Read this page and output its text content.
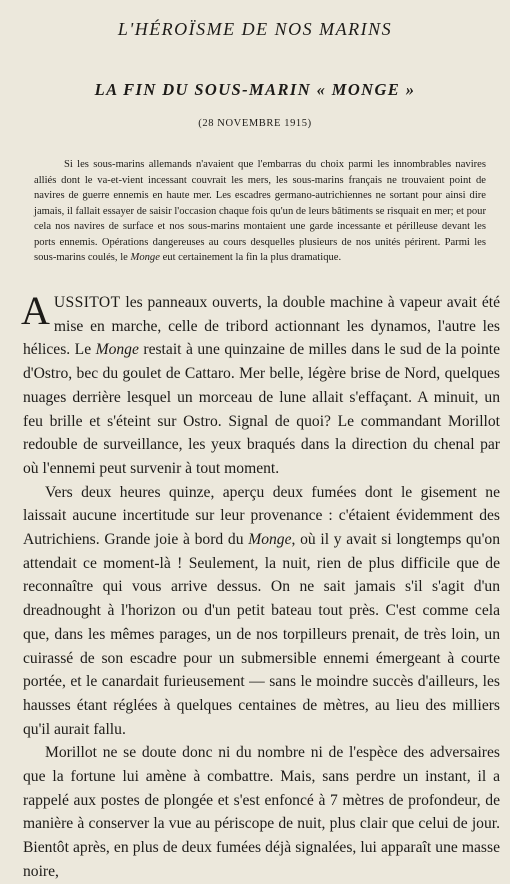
L'HÉROÏSME DE NOS MARINS
LA FIN DU SOUS-MARIN « MONGE »
(28 NOVEMBRE 1915)

Si les sous-marins allemands n'avaient que l'embarras du choix parmi les innombrables navires alliés dont le va-et-vient incessant couvrait les mers, les sous-marins français ne trouvaient point de navires de guerre ennemis en haute mer. Les escadres germano-autrichiennes ne sortant pour ainsi dire jamais, il fallait essayer de saisir l'occasion chaque fois qu'un de leurs bâtiments se risquait en mer; et pour cela nos navires de surface et nos sous-marins montaient une garde incessante et périlleuse devant les ports ennemis. Opérations dangereuses au cours desquelles plusieurs de nos unités périrent. Parmi les sous-marins coulés, le Monge eut certainement la fin la plus dramatique.

AUSSITOT les panneaux ouverts, la double machine à vapeur avait été mise en marche, celle de tribord actionnant les dynamos, l'autre les hélices. Le Monge restait à une quinzaine de milles dans le sud de la pointe d'Ostro, bec du goulet de Cattaro. Mer belle, légère brise de Nord, quelques nuages derrière lesquel un morceau de lune allait s'effaçant. A minuit, un feu brille et s'éteint sur Ostro. Signal de quoi? Le commandant Morillot redouble de surveillance, les yeux braqués dans la direction du chenal par où l'ennemi peut survenir à tout moment.

Vers deux heures quinze, aperçu deux fumées dont le gisement ne laissait aucune incertitude sur leur provenance : c'étaient évidemment des Autrichiens. Grande joie à bord du Monge, où il y avait si longtemps qu'on attendait ce moment-là ! Seulement, la nuit, rien de plus difficile que de reconnaître qui vous arrive dessus. On ne sait jamais s'il s'agit d'un dreadnought à l'horizon ou d'un petit bateau tout près. C'est comme cela que, dans les mêmes parages, un de nos torpilleurs prenait, de très loin, un cuirassé de son escadre pour un submersible ennemi émergeant à courte portée, et le canardait furieusement — sans le moindre succès d'ailleurs, les hausses étant réglées à quelques centaines de mètres, au lieu des milliers qu'il aurait fallu.

Morillot ne se doute donc ni du nombre ni de l'espèce des adversaires que la fortune lui amène à combattre. Mais, sans perdre un instant, il a rappelé aux postes de plongée et s'est enfoncé à 7 mètres de profondeur, de manière à conserver la vue au périscope de nuit, plus clair que celui de jour. Bientôt après, en plus de deux fumées déjà signalées, lui apparaît une masse noire,
